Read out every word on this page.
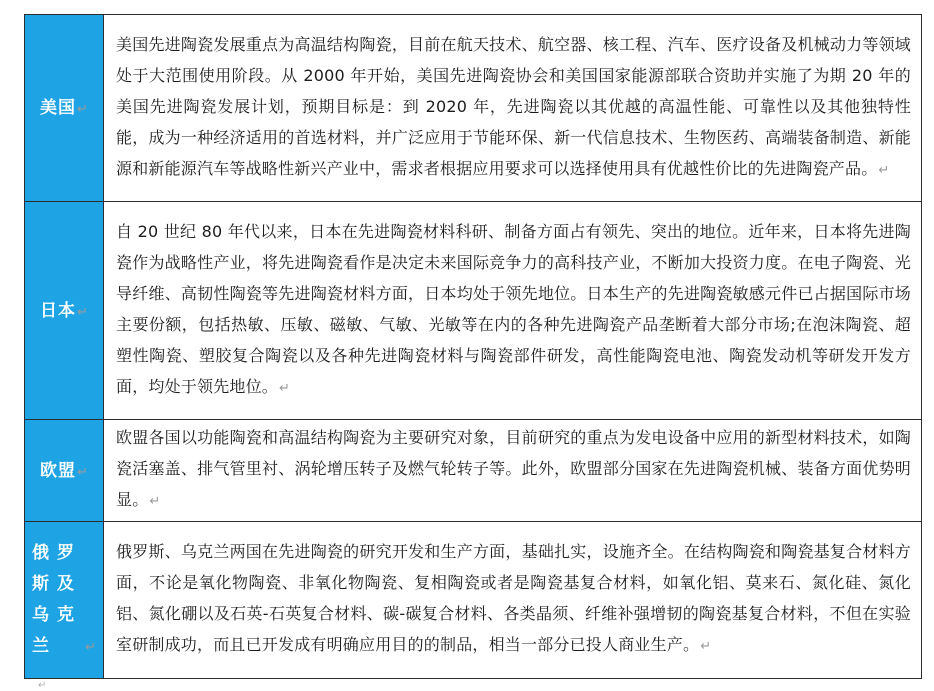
美国↵	美国先进陶瓷发展重点为高温结构陶瓷，目前在航天技术、航空器、核工程、汽车、医疗设备及机械动力等领域处于大范围使用阶段。从 2000 年开始，美国先进陶瓷协会和美国国家能源部联合资助并实施了为期 20 年的美国先进陶瓷发展计划，预期目标是：到 2020 年，先进陶瓷以其优越的高温性能、可靠性以及其他独特性能，成为一种经济适用的首选材料，并广泛应用于节能环保、新一代信息技术、生物医药、高端装备制造、新能源和新能源汽车等战略性新兴产业中，需求者根据应用要求可以选择使用具有优越性价比的先进陶瓷产品。↵
日本↵	自 20 世纪 80 年代以来，日本在先进陶瓷材料科研、制备方面占有领先、突出的地位。近年来，日本将先进陶瓷作为战略性产业，将先进陶瓷看作是决定未来国际竞争力的高科技产业，不断加大投资力度。在电子陶瓷、光导纤维、高韧性陶瓷等先进陶瓷材料方面，日本均处于领先地位。日本生产的先进陶瓷敏感元件已占据国际市场主要份额，包括热敏、压敏、磁敏、气敏、光敏等在内的各种先进陶瓷产品垄断着大部分市场;在泡沫陶瓷、超塑性陶瓷、塑胶复合陶瓷以及各种先进陶瓷材料与陶瓷部件研发，高性能陶瓷电池、陶瓷发动机等研发开发方面，均处于领先地位。↵
欧盟↵	欧盟各国以功能陶瓷和高温结构陶瓷为主要研究对象，目前研究的重点为发电设备中应用的新型材料技术，如陶瓷活塞盖、排气管里衬、涡轮增压转子及燃气轮转子等。此外，欧盟部分国家在先进陶瓷机械、装备方面优势明显。↵
俄罗斯及乌克兰 ↵	俄罗斯、乌克兰两国在先进陶瓷的研究开发和生产方面，基础扎实，设施齐全。在结构陶瓷和陶瓷基复合材料方面，不论是氧化物陶瓷、非氧化物陶瓷、复相陶瓷或者是陶瓷基复合材料，如氧化铝、莫来石、氮化硅、氮化铝、氮化硼以及石英-石英复合材料、碳-碳复合材料、各类晶须、纤维补强增韧的陶瓷基复合材料，不但在实验室研制成功，而且已开发成有明确应用目的的制品，相当一部分已投人商业生产。↵
↵
